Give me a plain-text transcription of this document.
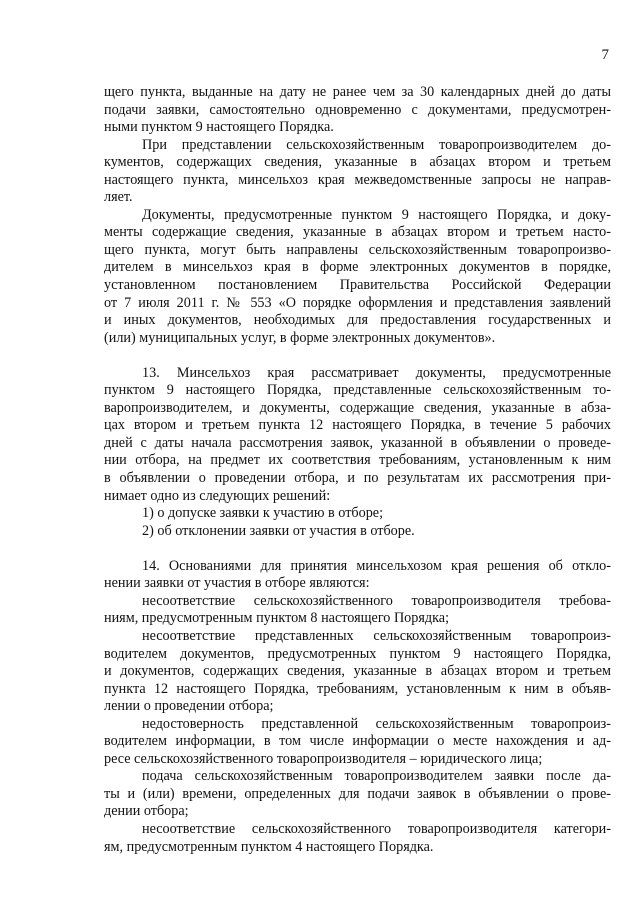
7
щего пункта, выданные на дату не ранее чем за 30 календарных дней до даты
подачи заявки, самостоятельно одновременно с документами, предусмотрен-
ными пунктом 9 настоящего Порядка.
При представлении сельскохозяйственным товаропроизводителем до-
кументов, содержащих сведения, указанные в абзацах втором и третьем
настоящего пункта, минсельхоз края межведомственные запросы не направ-
ляет.
Документы, предусмотренные пунктом 9 настоящего Порядка, и доку-
менты содержащие сведения, указанные в абзацах втором и третьем насто-
щего пункта, могут быть направлены сельскохозяйственным товаропроизво-
дителем в минсельхоз края в форме электронных документов в порядке,
установленном постановлением Правительства Российской Федерации
от 7 июля 2011 г. № 553 «О порядке оформления и представления заявлений
и иных документов, необходимых для предоставления государственных и
(или) муниципальных услуг, в форме электронных документов».
13. Минсельхоз края рассматривает документы, предусмотренные
пунктом 9 настоящего Порядка, представленные сельскохозяйственным то-
варопроизводителем, и документы, содержащие сведения, указанные в абза-
цах втором и третьем пункта 12 настоящего Порядка, в течение 5 рабочих
дней с даты начала рассмотрения заявок, указанной в объявлении о проведе-
нии отбора, на предмет их соответствия требованиям, установленным к ним
в объявлении о проведении отбора, и по результатам их рассмотрения при-
нимает одно из следующих решений:
1) о допуске заявки к участию в отборе;
2) об отклонении заявки от участия в отборе.
14. Основаниями для принятия минсельхозом края решения об откло-
нении заявки от участия в отборе являются:
несоответствие сельскохозяйственного товаропроизводителя требова-
ниям, предусмотренным пунктом 8 настоящего Порядка;
несоответствие представленных сельскохозяйственным товаропроиз-
водителем документов, предусмотренных пунктом 9 настоящего Порядка,
и документов, содержащих сведения, указанные в абзацах втором и третьем
пункта 12 настоящего Порядка, требованиям, установленным к ним в объяв-
лении о проведении отбора;
недостоверность представленной сельскохозяйственным товаропроиз-
водителем информации, в том числе информации о месте нахождения и ад-
ресе сельскохозяйственного товаропроизводителя – юридического лица;
подача сельскохозяйственным товаропроизводителем заявки после да-
ты и (или) времени, определенных для подачи заявок в объявлении о прове-
дении отбора;
несоответствие сельскохозяйственного товаропроизводителя категори-
ям, предусмотренным пунктом 4 настоящего Порядка.
